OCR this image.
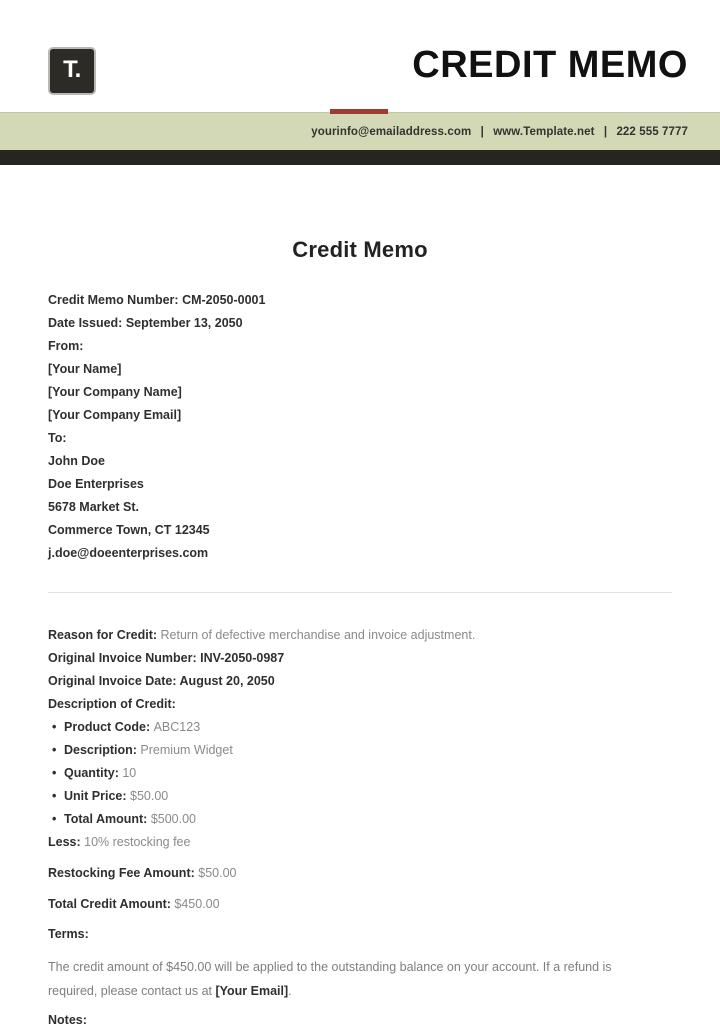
T.	CREDIT MEMO
yourinfo@emailaddress.com | www.Template.net | 222 555 7777
Credit Memo
Credit Memo Number: CM-2050-0001
Date Issued: September 13, 2050
From:
[Your Name]
[Your Company Name]
[Your Company Email]
To:
John Doe
Doe Enterprises
5678 Market St.
Commerce Town, CT 12345
j.doe@doeenterprises.com
Reason for Credit: Return of defective merchandise and invoice adjustment.
Original Invoice Number: INV-2050-0987
Original Invoice Date: August 20, 2050
Description of Credit:
• Product Code: ABC123
• Description: Premium Widget
• Quantity: 10
• Unit Price: $50.00
• Total Amount: $500.00
Less: 10% restocking fee
Restocking Fee Amount: $50.00
Total Credit Amount: $450.00
Terms:
The credit amount of $450.00 will be applied to the outstanding balance on your account. If a refund is required, please contact us at [Your Email].
Notes:
